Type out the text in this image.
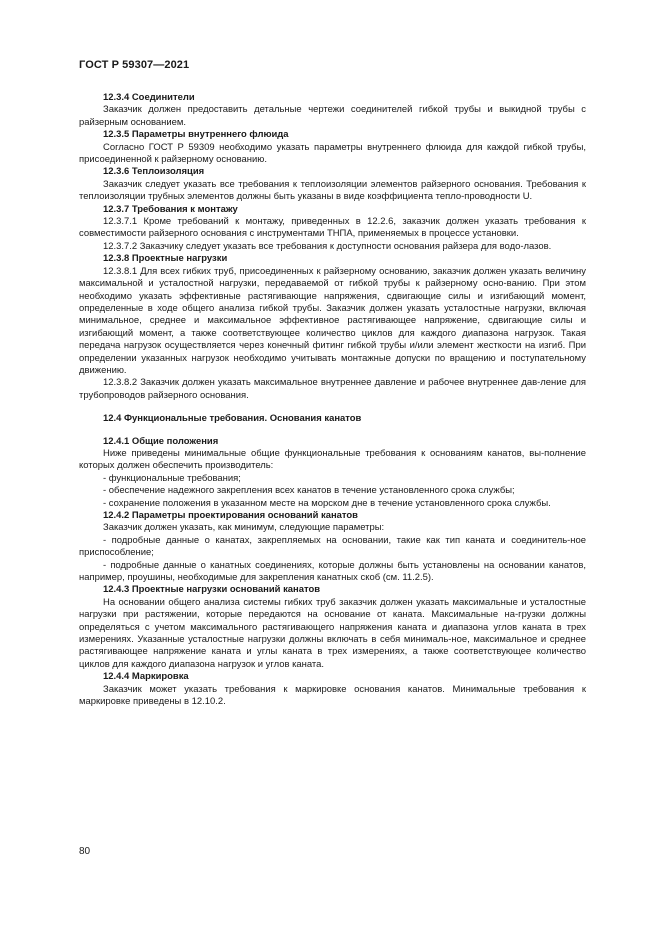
ГОСТ Р 59307—2021

12.3.4 Соединители

Заказчик должен предоставить детальные чертежи соединителей гибкой трубы и выкидной трубы с райзерным основанием.

12.3.5 Параметры внутреннего флюида

Согласно ГОСТ Р 59309 необходимо указать параметры внутреннего флюида для каждой гибкой трубы, присоединенной к райзерному основанию.

12.3.6 Теплоизоляция

Заказчик следует указать все требования к теплоизоляции элементов райзерного основания. Требования к теплоизоляции трубных элементов должны быть указаны в виде коэффициента тепло-проводности U.

12.3.7 Требования к монтажу

12.3.7.1 Кроме требований к монтажу, приведенных в 12.2.6, заказчик должен указать требования к совместимости райзерного основания с инструментами ТНПА, применяемых в процессе установки.

12.3.7.2 Заказчику следует указать все требования к доступности основания райзера для водо-лазов.

12.3.8 Проектные нагрузки

12.3.8.1 Для всех гибких труб, присоединенных к райзерному основанию, заказчик должен указать величину максимальной и усталостной нагрузки, передаваемой от гибкой трубы к райзерному осно-ванию. При этом необходимо указать эффективные растягивающие напряжения, сдвигающие силы и изгибающий момент, определенные в ходе общего анализа гибкой трубы. Заказчик должен указать усталостные нагрузки, включая минимальное, среднее и максимальное эффективное растягивающее напряжение, сдвигающие силы и изгибающий момент, а также соответствующее количество циклов для каждого диапазона нагрузок. Такая передача нагрузок осуществляется через конечный фитинг гибкой трубы и/или элемент жесткости на изгиб. При определении указанных нагрузок необходимо учитывать монтажные допуски по вращению и поступательному движению.

12.3.8.2 Заказчик должен указать максимальное внутреннее давление и рабочее внутреннее дав-ление для трубопроводов райзерного основания.

12.4 Функциональные требования. Основания канатов

12.4.1 Общие положения

Ниже приведены минимальные общие функциональные требования к основаниям канатов, вы-полнение которых должен обеспечить производитель:

- функциональные требования;

- обеспечение надежного закрепления всех канатов в течение установленного срока службы;

- сохранение положения в указанном месте на морском дне в течение установленного срока службы.

12.4.2 Параметры проектирования оснований канатов

Заказчик должен указать, как минимум, следующие параметры:

- подробные данные о канатах, закрепляемых на основании, такие как тип каната и соединитель-ное приспособление;

- подробные данные о канатных соединениях, которые должны быть установлены на основании канатов, например, проушины, необходимые для закрепления канатных скоб (см. 11.2.5).

12.4.3 Проектные нагрузки оснований канатов

На основании общего анализа системы гибких труб заказчик должен указать максимальные и усталостные нагрузки при растяжении, которые передаются на основание от каната. Максимальные на-грузки должны определяться с учетом максимального растягивающего напряжения каната и диапазона углов каната в трех измерениях. Указанные усталостные нагрузки должны включать в себя минималь-ное, максимальное и среднее растягивающее напряжение каната и углы каната в трех измерениях, а также соответствующее количество циклов для каждого диапазона нагрузок и углов каната.

12.4.4 Маркировка

Заказчик может указать требования к маркировке основания канатов. Минимальные требования к маркировке приведены в 12.10.2.

80
